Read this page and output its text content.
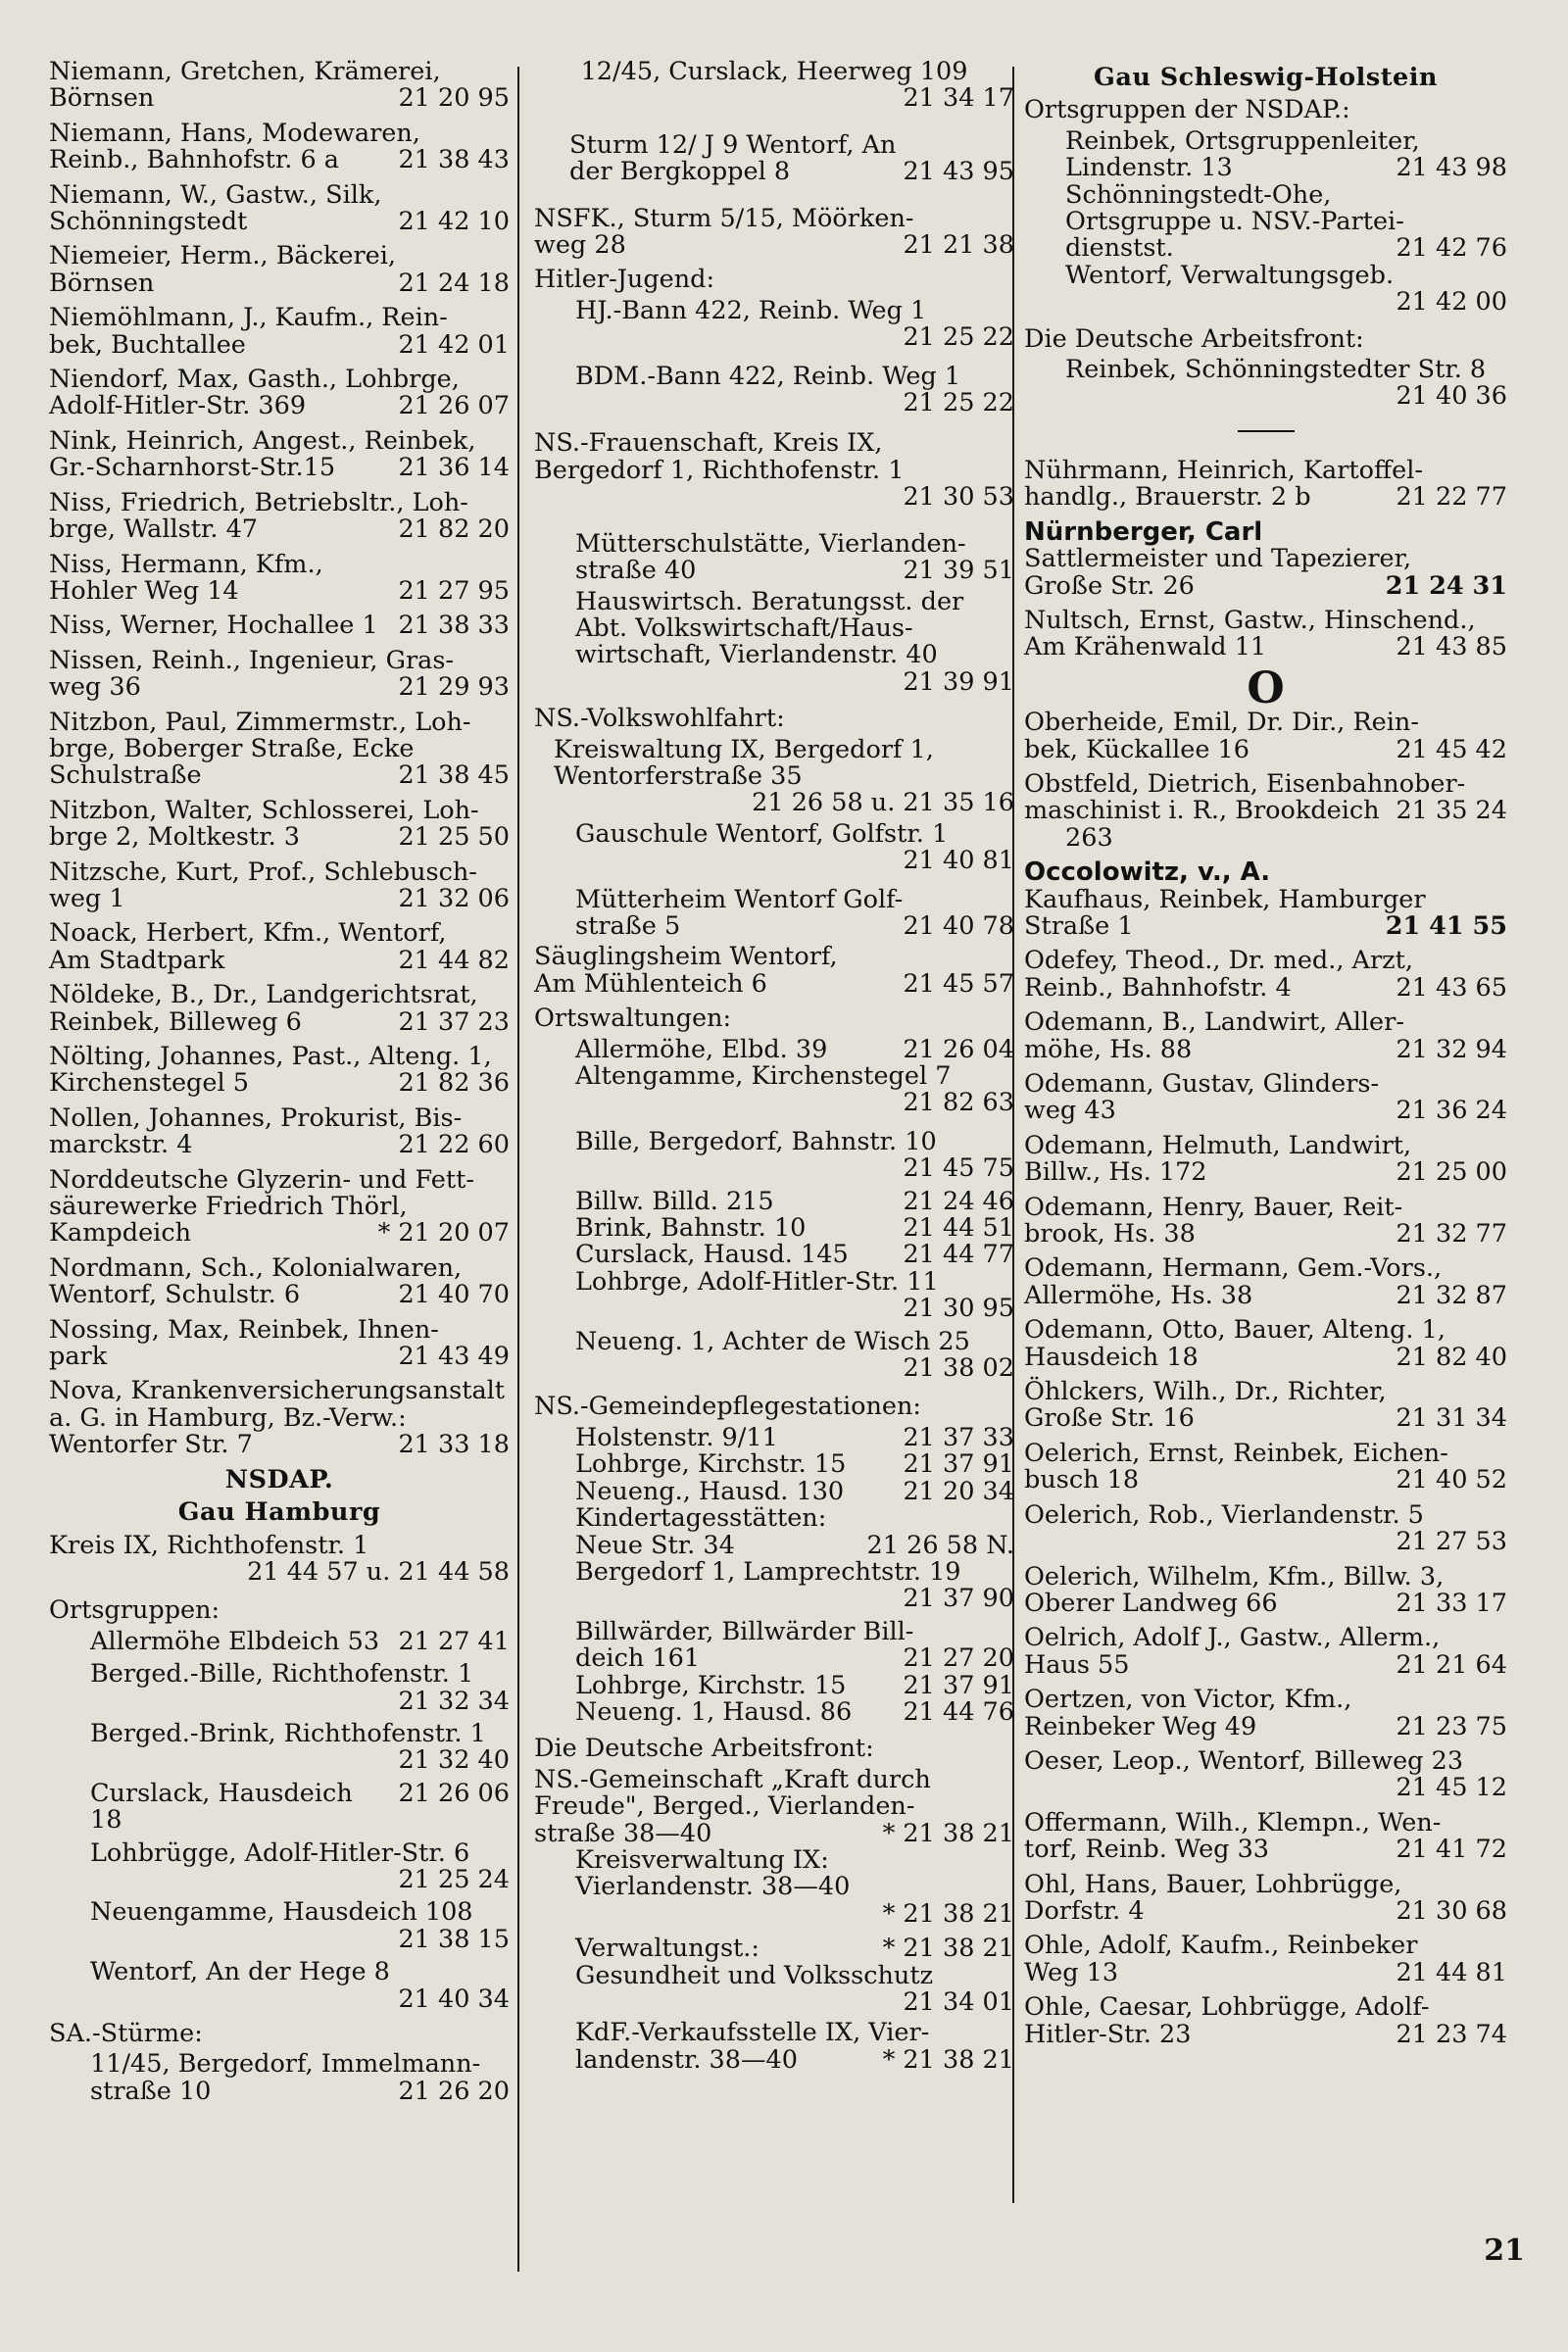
Niemann, Gretchen, Krämerei,
21 20 95
Börnsen
Niemann, Hans, Modewaren,
21 38 43
Reinb., Bahnhofstr. 6 a
Niemann, W., Gastw., Silk,
21 42 10
Schönningstedt
Niemeier, Herm., Bäckerei,
21 24 18
Börnsen
Niemöhlmann, J., Kaufm., Rein-
21 42 01
bek, Buchtallee
Niendorf, Max, Gasth., Lohbrge,
21 26 07
Adolf-Hitler-Str. 369
Nink, Heinrich, Angest., Reinbek,
21 36 14
Gr.-Scharnhorst-Str.15
Niss, Friedrich, Betriebsltr., Loh-
21 82 20
brge, Wallstr. 47
Niss, Hermann, Kfm.,
21 27 95
Hohler Weg 14
21 38 33
Niss, Werner, Hochallee 1
Nissen, Reinh., Ingenieur, Gras-
21 29 93
weg 36
Nitzbon, Paul, Zimmermstr., Loh-
brge, Boberger Straße, Ecke
21 38 45
Schulstraße
Nitzbon, Walter, Schlosserei, Loh-
21 25 50
brge 2, Moltkestr. 3
Nitzsche, Kurt, Prof., Schlebusch-
21 32 06
weg 1
Noack, Herbert, Kfm., Wentorf,
21 44 82
Am Stadtpark
Nöldeke, B., Dr., Landgerichtsrat,
21 37 23
Reinbek, Billeweg 6
Nölting, Johannes, Past., Alteng. 1,
21 82 36
Kirchenstegel 5
Nollen, Johannes, Prokurist, Bis-
21 22 60
marckstr. 4
Norddeutsche Glyzerin- und Fett-
säurewerke Friedrich Thörl,
* 21 20 07
Kampdeich
Nordmann, Sch., Kolonialwaren,
21 40 70
Wentorf, Schulstr. 6
Nossing, Max, Reinbek, Ihnen-
21 43 49
park
Nova, Krankenversicherungsanstalt
a. G. in Hamburg, Bz.-Verw.:
21 33 18
Wentorfer Str. 7
NSDAP.
Gau Hamburg
Kreis IX, Richthofenstr. 1
21 44 57 u. 21 44 58
Ortsgruppen:
21 27 41
Allermöhe Elbdeich 53
Berged.-Bille, Richthofenstr. 1
21 32 34
Berged.-Brink, Richthofenstr. 1
21 32 40
21 26 06
Curslack, Hausdeich 18
Lohbrügge, Adolf-Hitler-Str. 6
21 25 24
Neuengamme, Hausdeich 108
21 38 15
Wentorf, An der Hege 8
21 40 34
SA.-Stürme:
11/45, Bergedorf, Immelmann-
21 26 20
straße 10
12/45, Curslack, Heerweg 109
21 34 17
Sturm 12/ J 9 Wentorf, An
21 43 95
der Bergkoppel 8
NSFK., Sturm 5/15, Möörken-
21 21 38
weg 28
Hitler-Jugend:
HJ.-Bann 422, Reinb. Weg 1
21 25 22
BDM.-Bann 422, Reinb. Weg 1
21 25 22
NS.-Frauenschaft, Kreis IX,
Bergedorf 1, Richthofenstr. 1
21 30 53
Mütterschulstätte, Vierlanden-
21 39 51
straße 40
Hauswirtsch. Beratungsst. der
Abt. Volkswirtschaft/Haus-
wirtschaft, Vierlandenstr. 40
21 39 91
NS.-Volkswohlfahrt:
Kreiswaltung IX, Bergedorf 1,
Wentorferstraße 35
21 26 58 u. 21 35 16
Gauschule Wentorf, Golfstr. 1
21 40 81
Mütterheim Wentorf Golf-
21 40 78
straße 5
Säuglingsheim Wentorf,
21 45 57
Am Mühlenteich 6
Ortswaltungen:
21 26 04
Allermöhe, Elbd. 39
Altengamme, Kirchenstegel 7
21 82 63
Bille, Bergedorf, Bahnstr. 10
21 45 75
21 24 46
Billw. Billd. 215
21 44 51
Brink, Bahnstr. 10
21 44 77
Curslack, Hausd. 145
Lohbrge, Adolf-Hitler-Str. 11
21 30 95
Neueng. 1, Achter de Wisch 25
21 38 02
NS.-Gemeindepflegestationen:
21 37 33
Holstenstr. 9/11
21 37 91
Lohbrge, Kirchstr. 15
21 20 34
Neueng., Hausd. 130
Kindertagesstätten:
21 26 58 N.
Neue Str. 34
Bergedorf 1, Lamprechtstr. 19
21 37 90
Billwärder, Billwärder Bill-
21 27 20
deich 161
21 37 91
Lohbrge, Kirchstr. 15
21 44 76
Neueng. 1, Hausd. 86
Die Deutsche Arbeitsfront:
NS.-Gemeinschaft „Kraft durch
Freude", Berged., Vierlanden-
* 21 38 21
straße 38—40
Kreisverwaltung IX:
Vierlandenstr. 38—40
* 21 38 21
* 21 38 21
Verwaltungst.:
Gesundheit und Volksschutz
21 34 01
KdF.-Verkaufsstelle IX, Vier-
* 21 38 21
landenstr. 38—40
Gau Schleswig-Holstein
Ortsgruppen der NSDAP.:
Reinbek, Ortsgruppenleiter,
21 43 98
Lindenstr. 13
Schönningstedt-Ohe,
Ortsgruppe u. NSV.-Partei-
21 42 76
dienstst.
Wentorf, Verwaltungsgeb.
21 42 00
Die Deutsche Arbeitsfront:
Reinbek, Schönningstedter Str. 8
21 40 36
Nührmann, Heinrich, Kartoffel-
21 22 77
handlg., Brauerstr. 2 b
Nürnberger, Carl
Sattlermeister und Tapezierer,
21 24 31
Große Str. 26
Nultsch, Ernst, Gastw., Hinschend.,
21 43 85
Am Krähenwald 11
O
Oberheide, Emil, Dr. Dir., Rein-
21 45 42
bek, Kückallee 16
Obstfeld, Dietrich, Eisenbahnober-
21 35 24
maschinist i. R., Brookdeich 263
Occolowitz, v., A.
Kaufhaus, Reinbek, Hamburger
21 41 55
Straße 1
Odefey, Theod., Dr. med., Arzt,
21 43 65
Reinb., Bahnhofstr. 4
Odemann, B., Landwirt, Aller-
21 32 94
möhe, Hs. 88
Odemann, Gustav, Glinders-
21 36 24
weg 43
Odemann, Helmuth, Landwirt,
21 25 00
Billw., Hs. 172
Odemann, Henry, Bauer, Reit-
21 32 77
brook, Hs. 38
Odemann, Hermann, Gem.-Vors.,
21 32 87
Allermöhe, Hs. 38
Odemann, Otto, Bauer, Alteng. 1,
21 82 40
Hausdeich 18
Öhlckers, Wilh., Dr., Richter,
21 31 34
Große Str. 16
Oelerich, Ernst, Reinbek, Eichen-
21 40 52
busch 18
Oelerich, Rob., Vierlandenstr. 5
21 27 53
Oelerich, Wilhelm, Kfm., Billw. 3,
21 33 17
Oberer Landweg 66
Oelrich, Adolf J., Gastw., Allerm.,
21 21 64
Haus 55
Oertzen, von Victor, Kfm.,
21 23 75
Reinbeker Weg 49
Oeser, Leop., Wentorf, Billeweg 23
21 45 12
Offermann, Wilh., Klempn., Wen-
21 41 72
torf, Reinb. Weg 33
Ohl, Hans, Bauer, Lohbrügge,
21 30 68
Dorfstr. 4
Ohle, Adolf, Kaufm., Reinbeker
21 44 81
Weg 13
Ohle, Caesar, Lohbrügge, Adolf-
21 23 74
Hitler-Str. 23
21
